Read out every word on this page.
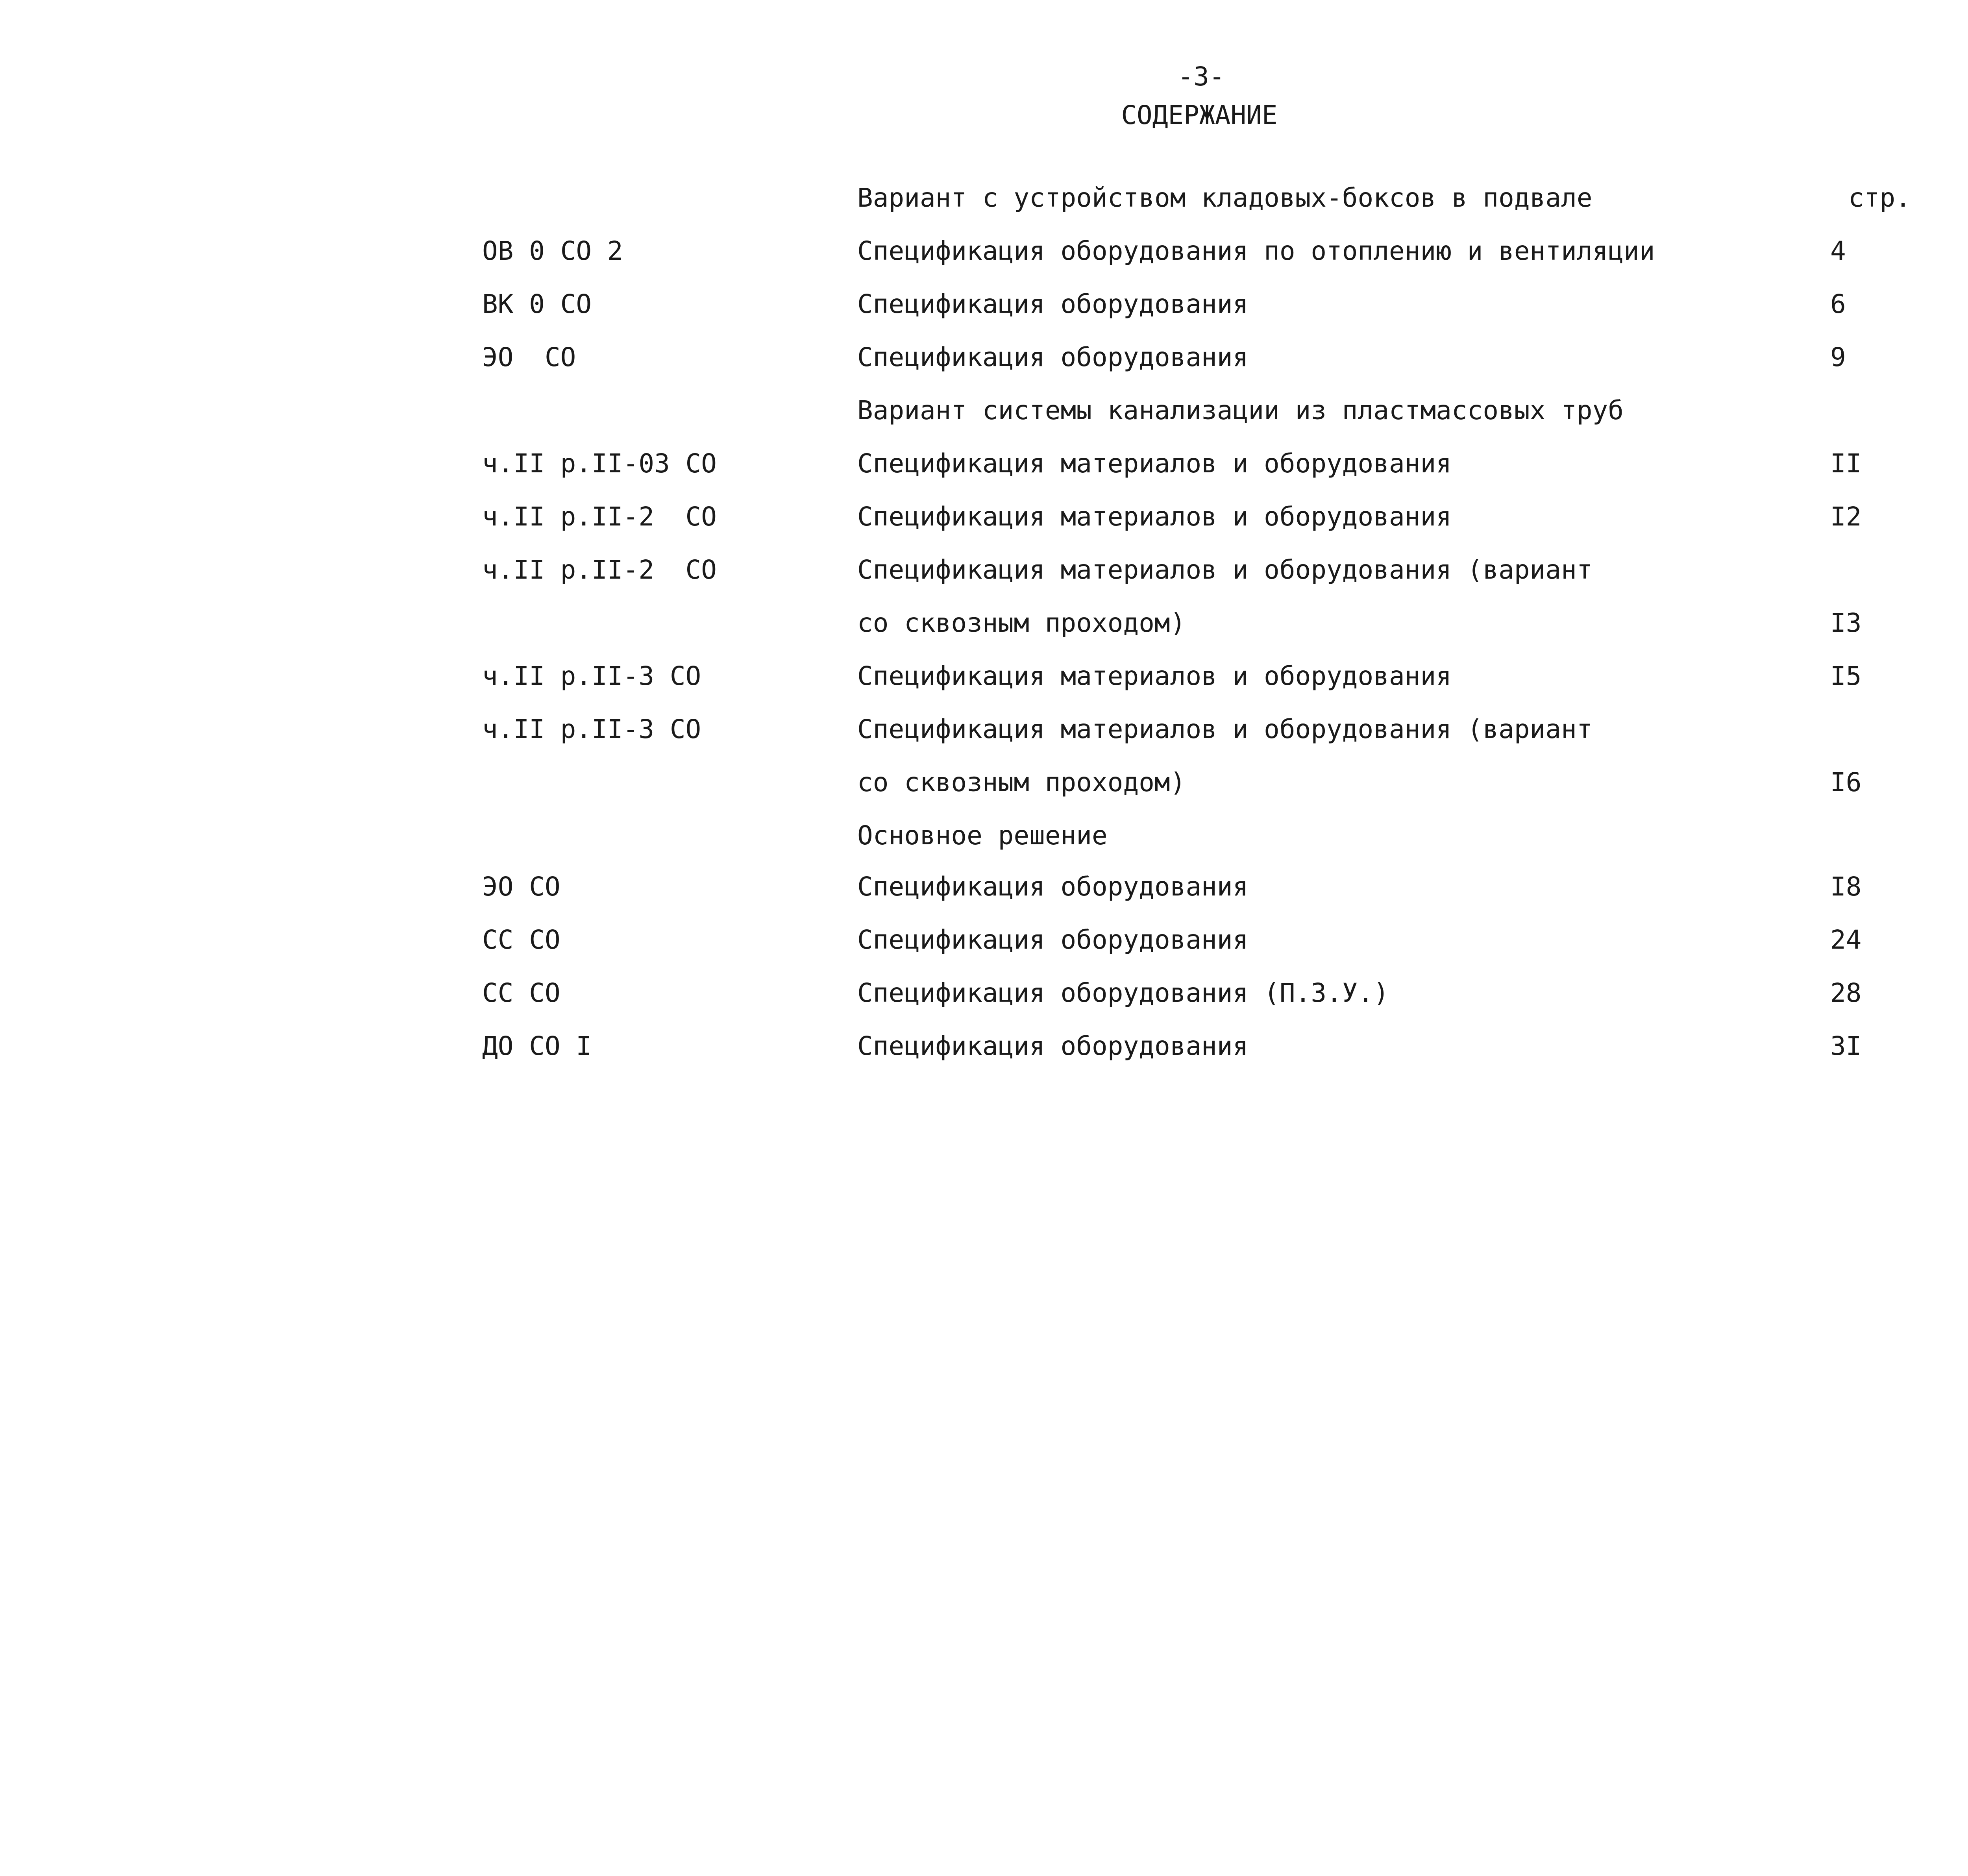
-3-
СОДЕРЖАНИЕ
стр.
Вариант с устройством кладовых-боксов в подвале
ОВ 0 СО 2	Спецификация оборудования по отоплению и вентиляции	4
ВК 0 СО	Спецификация оборудования	6
ЭО  СО	Спецификация оборудования	9
Вариант системы канализации из пластмассовых труб
ч.II р.II-03 СО	Спецификация материалов и оборудования	II
ч.II р.II-2  СО	Спецификация материалов и оборудования	I2
ч.II р.II-2  СО	Спецификация материалов и оборудования (вариант
со сквозным проходом)	I3
ч.II р.II-3 СО	Спецификация материалов и оборудования	I5
ч.II р.II-3 СО	Спецификация материалов и оборудования (вариант
со сквозным проходом)	I6
Основное решение
ЭО СО	Спецификация оборудования	I8
СС СО	Спецификация оборудования	24
СС СО	Спецификация оборудования (П.З.У.)	28
ДО СО I	Спецификация оборудования	3I
